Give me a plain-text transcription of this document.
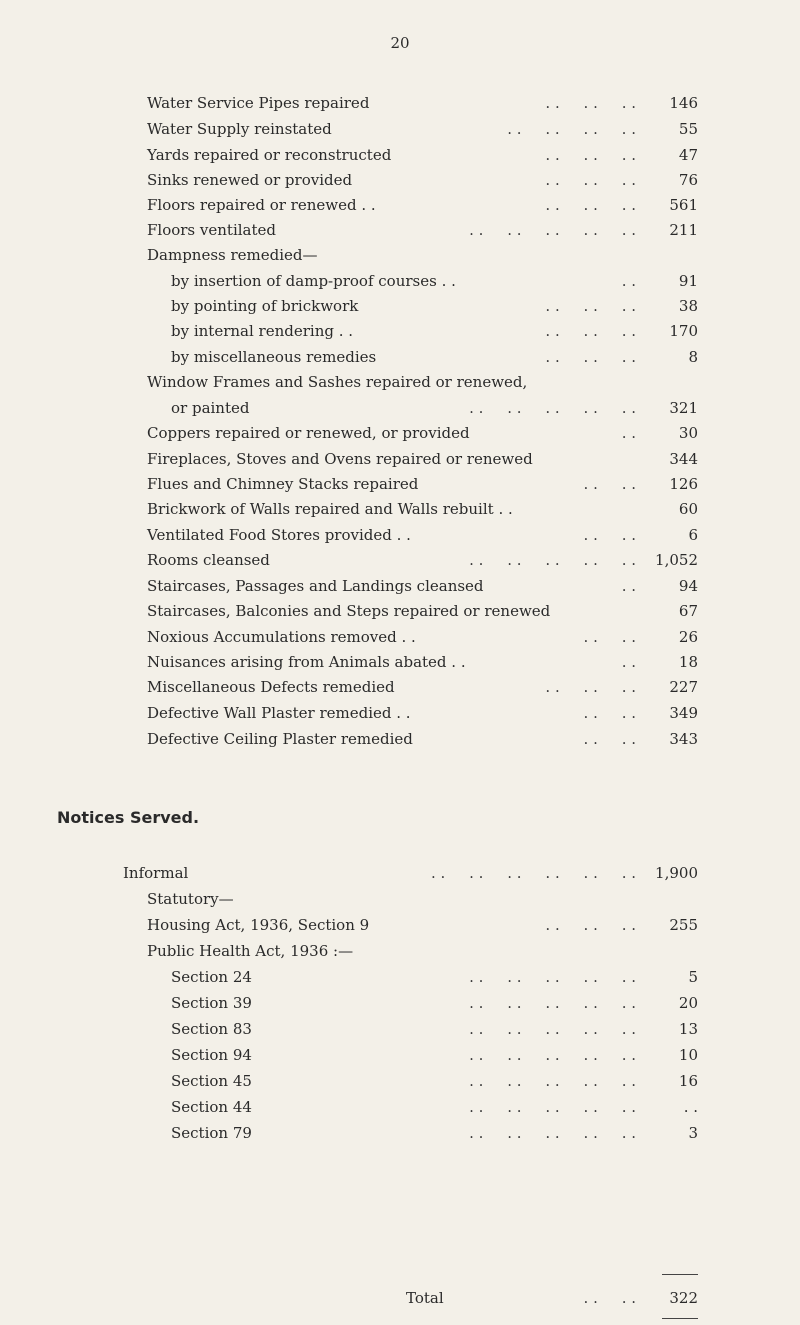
20
Water Service Pipes repaired	. .     . .     . . 146
Water Supply reinstated	. .     . .     . .     . .	55
Yards repaired or reconstructed	. .     . .     . .	47
Sinks renewed or provided	. .     . .     . .	76
Floors repaired or renewed . .	. .     . .     . . 561
Floors ventilated	. .     . .     . .     . .     . . 211
Dampness remedied—
by insertion of damp-proof courses . .	. .	91
by pointing of brickwork	. .     . .     . .	38
by internal rendering . .	. .     . .     . . 170
by miscellaneous remedies	. .     . .     . .	8
Window Frames and Sashes repaired or renewed,
or painted	. .     . .     . .     . .     . . 321
Coppers repaired or renewed, or provided	. .	30
Fireplaces, Stoves and Ovens repaired or renewed	344
Flues and Chimney Stacks repaired	. .     . . 126
Brickwork of Walls repaired and Walls rebuilt . .	60
Ventilated Food Stores provided . .	. .     . .	6
Rooms cleansed	. .     . .     . .     . .     . . 1,052
Staircases, Passages and Landings cleansed	. .	94
Staircases, Balconies and Steps repaired or renewed	67
Noxious Accumulations removed . .	. .     . .	26
Nuisances arising from Animals abated . .	. .	18
Miscellaneous Defects remedied	. .     . .     . . 227
Defective Wall Plaster remedied . .	. .     . . 349
Defective Ceiling Plaster remedied	. .     . . 343
Notices Served.
Informal	. .     . .     . .     . .     . .     . . 1,900
Statutory—
Housing Act, 1936, Section 9	. .     . .     . . 255
Public Health Act, 1936 :—
Section 24	. .     . .     . .     . .     . .	5
Section 39	. .     . .     . .     . .     . .	20
Section 83	. .     . .     . .     . .     . .	13
Section 94	. .     . .     . .     . .     . .	10
Section 45	. .     . .     . .     . .     . .	16
Section 44	. .     . .     . .     . .     . .	. .
Section 79	. .     . .     . .     . .     . .	3
Total	. .     . . 322
